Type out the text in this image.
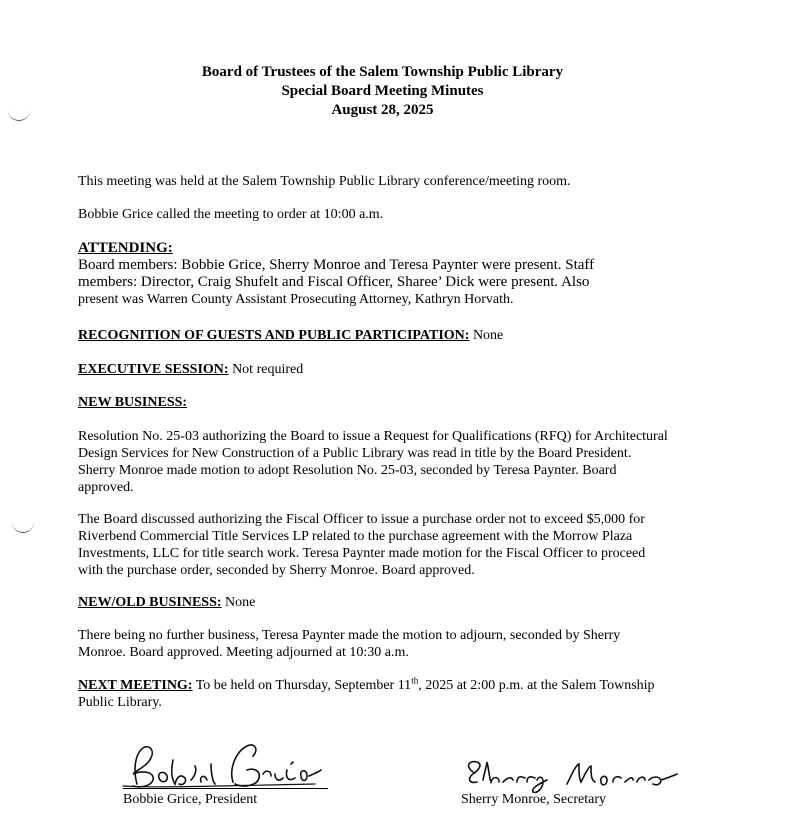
Board of Trustees of the Salem Township Public Library
Special Board Meeting Minutes
August 28, 2025
This meeting was held at the Salem Township Public Library conference/meeting room.
Bobbie Grice called the meeting to order at 10:00 a.m.
ATTENDING:
Board members: Bobbie Grice, Sherry Monroe and Teresa Paynter were present. Staff
members: Director, Craig Shufelt and Fiscal Officer, Sharee’ Dick were present. Also
present was Warren County Assistant Prosecuting Attorney, Kathryn Horvath.
RECOGNITION OF GUESTS AND PUBLIC PARTICIPATION: None
EXECUTIVE SESSION: Not required
NEW BUSINESS:
Resolution No. 25-03 authorizing the Board to issue a Request for Qualifications (RFQ) for Architectural
Design Services for New Construction of a Public Library was read in title by the Board President.
Sherry Monroe made motion to adopt Resolution No. 25-03, seconded by Teresa Paynter. Board
approved.
The Board discussed authorizing the Fiscal Officer to issue a purchase order not to exceed $5,000 for
Riverbend Commercial Title Services LP related to the purchase agreement with the Morrow Plaza
Investments, LLC for title search work. Teresa Paynter made motion for the Fiscal Officer to proceed
with the purchase order, seconded by Sherry Monroe. Board approved.
NEW/OLD BUSINESS: None
There being no further business, Teresa Paynter made the motion to adjourn, seconded by Sherry
Monroe. Board approved. Meeting adjourned at 10:30 a.m.
NEXT MEETING: To be held on Thursday, September 11th, 2025 at 2:00 p.m. at the Salem Township
Public Library.
Bobbie Grice, President	Sherry Monroe, Secretary
